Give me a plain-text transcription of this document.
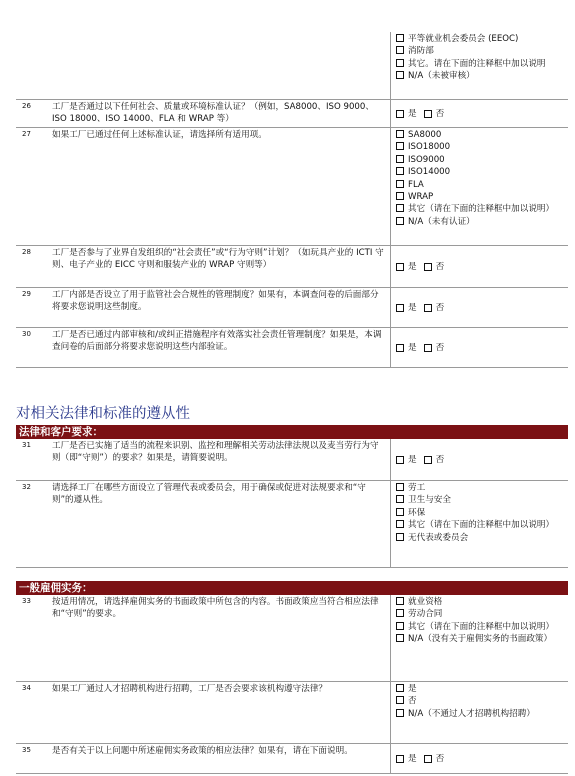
平等就业机会委员会 (EEOC)
消防部
其它。请在下面的注释框中加以说明
N/A（未被审核）
26	工厂是否通过以下任何社会、质量或环境标准认证？（例如，SA8000、ISO 9000、ISO 18000、ISO 14000、FLA 和 WRAP 等）
是 否
27	如果工厂已通过任何上述标准认证，请选择所有适用项。	SA8000
ISO18000
ISO9000
ISO14000
FLA
WRAP
其它（请在下面的注释框中加以说明）
N/A（未有认证）
28	工厂是否参与了业界自发组织的“社会责任”或“行为守则”计划？（如玩具产业的 ICTI 守则、电子产业的 EICC 守则和服装产业的 WRAP 守则等）	是 否
29	工厂内部是否设立了用于监管社会合规性的管理制度？如果有，本调查问卷的后面部分将要求您说明这些制度。	是 否
30	工厂是否已通过内部审核和/或纠正措施程序有效落实社会责任管理制度？如果是，本调查问卷的后面部分将要求您说明这些内部验证。	是 否
对相关法律和标准的遵从性
法律和客户要求：
31	工厂是否已实施了适当的流程来识别、监控和理解相关劳动法律法规以及麦当劳行为守则（即“守则”）的要求？如果是，请简要说明。	是 否
32	请选择工厂在哪些方面设立了管理代表或委员会，用于确保或促进对法规要求和“守则”的遵从性。
劳工
卫生与安全
环保
其它（请在下面的注释框中加以说明）
无代表或委员会
一般雇佣实务：
33	按适用情况，请选择雇佣实务的书面政策中所包含的内容。书面政策应当符合相应法律和“守则”的要求。
就业资格
劳动合同
其它（请在下面的注释框中加以说明）
N/A（没有关于雇佣实务的书面政策）
34	如果工厂通过人才招聘机构进行招聘，工厂是否会要求该机构遵守法律？	是
否
N/A（不通过人才招聘机构招聘）
35	是否有关于以上问题中所述雇佣实务政策的相应法律？如果有，请在下面说明。
是 否
